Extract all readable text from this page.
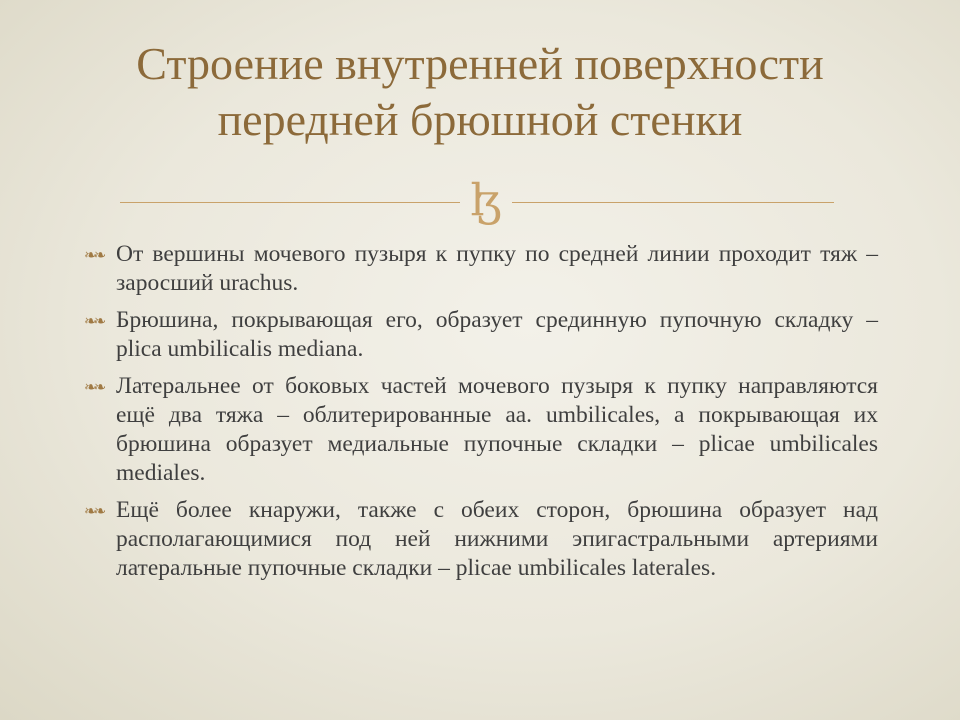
Строение внутренней поверхности передней брюшной стенки
ɮ
❧❧ От вершины мочевого пузыря к пупку по средней линии проходит тяж – заросший urachus.
❧❧ Брюшина, покрывающая его, образует срединную пупочную складку – plica umbilicalis mediana.
❧❧ Латеральнее от боковых частей мочевого пузыря к пупку направляются ещё два тяжа – облитерированные aa. umbilicales, а покрывающая их брюшина образует медиальные пупочные складки – plicae umbilicales mediales.
❧❧ Ещё более кнаружи, также с обеих сторон, брюшина образует над располагающимися под ней нижними эпигастральными артериями латеральные пупочные складки – plicae umbilicales laterales.
